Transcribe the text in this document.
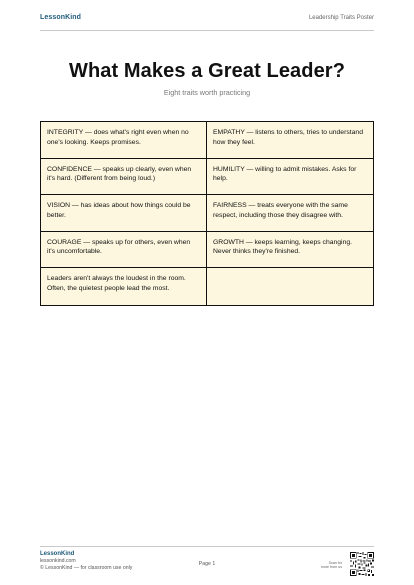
LessonKind	Leadership Traits Poster
What Makes a Great Leader?
Eight traits worth practicing
INTEGRITY — does what's right even when no one's looking. Keeps promises.
EMPATHY — listens to others, tries to understand how they feel.
CONFIDENCE — speaks up clearly, even when it's hard. (Different from being loud.)
HUMILITY — willing to admit mistakes. Asks for help.
VISION — has ideas about how things could be better.
FAIRNESS — treats everyone with the same respect, including those they disagree with.
COURAGE — speaks up for others, even when it's uncomfortable.
GROWTH — keeps learning, keeps changing. Never thinks they're finished.
Leaders aren't always the loudest in the room. Often, the quietest people lead the most.
LessonKind
lessonkind.com
© LessonKind — for classroom use only
Page 1	Scan for
more from us
